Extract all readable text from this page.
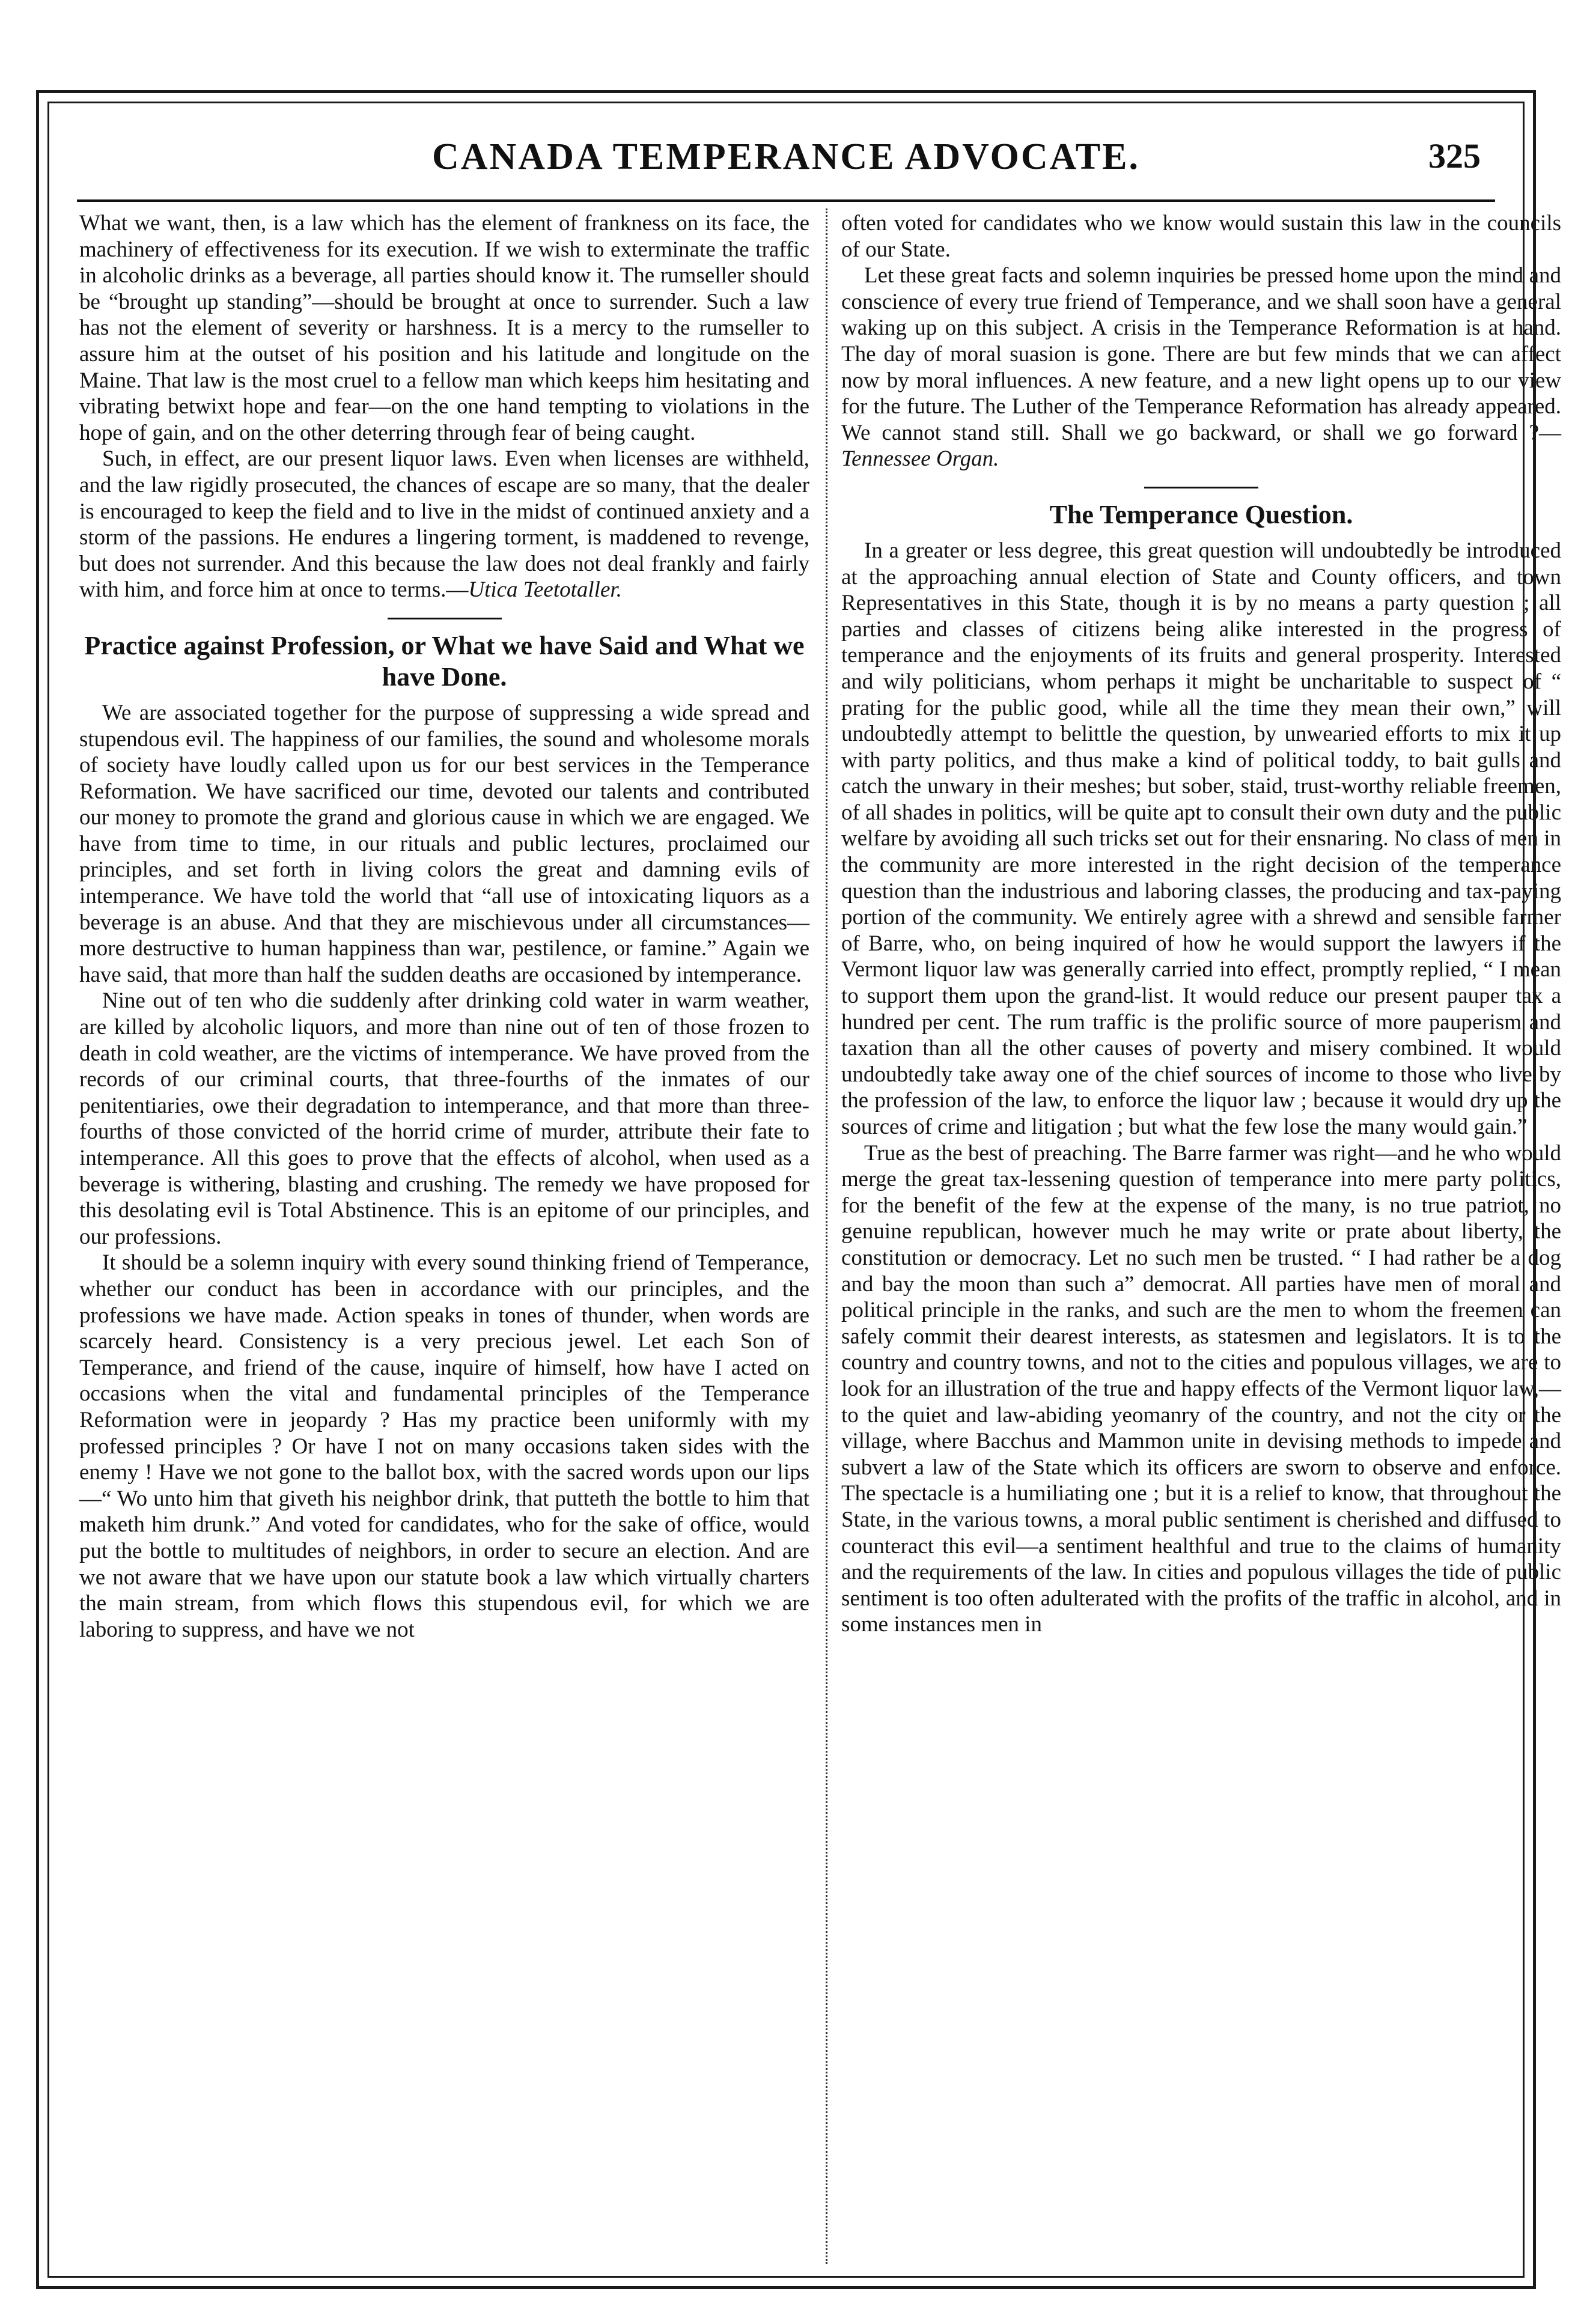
CANADA TEMPERANCE ADVOCATE.	325

What we want, then, is a law which has the element of frankness on its face, the machinery of effectiveness for its execution. If we wish to exterminate the traffic in alcoholic drinks as a beverage, all parties should know it. The rumseller should be “brought up standing”—should be brought at once to surrender. Such a law has not the element of severity or harshness. It is a mercy to the rumseller to assure him at the outset of his position and his latitude and longitude on the Maine. That law is the most cruel to a fellow man which keeps him hesitating and vibrating betwixt hope and fear—on the one hand tempting to violations in the hope of gain, and on the other deterring through fear of being caught.

Such, in effect, are our present liquor laws. Even when licenses are withheld, and the law rigidly prosecuted, the chances of escape are so many, that the dealer is encouraged to keep the field and to live in the midst of continued anxiety and a storm of the passions. He endures a lingering torment, is maddened to revenge, but does not surrender. And this because the law does not deal frankly and fairly with him, and force him at once to terms.—Utica Teetotaller.

Practice against Profession, or What we have Said and What we have Done.

We are associated together for the purpose of suppressing a wide spread and stupendous evil. The happiness of our families, the sound and wholesome morals of society have loudly called upon us for our best services in the Temperance Reformation. We have sacrificed our time, devoted our talents and contributed our money to promote the grand and glorious cause in which we are engaged. We have from time to time, in our rituals and public lectures, proclaimed our principles, and set forth in living colors the great and damning evils of intemperance. We have told the world that “all use of intoxicating liquors as a beverage is an abuse. And that they are mischievous under all circumstances—more destructive to human happiness than war, pestilence, or famine.” Again we have said, that more than half the sudden deaths are occasioned by intemperance.

Nine out of ten who die suddenly after drinking cold water in warm weather, are killed by alcoholic liquors, and more than nine out of ten of those frozen to death in cold weather, are the victims of intemperance. We have proved from the records of our criminal courts, that three-fourths of the inmates of our penitentiaries, owe their degradation to intemperance, and that more than three-fourths of those convicted of the horrid crime of murder, attribute their fate to intemperance. All this goes to prove that the effects of alcohol, when used as a beverage is withering, blasting and crushing. The remedy we have proposed for this desolating evil is Total Abstinence. This is an epitome of our principles, and our professions.

It should be a solemn inquiry with every sound thinking friend of Temperance, whether our conduct has been in accordance with our principles, and the professions we have made. Action speaks in tones of thunder, when words are scarcely heard. Consistency is a very precious jewel. Let each Son of Temperance, and friend of the cause, inquire of himself, how have I acted on occasions when the vital and fundamental principles of the Temperance Reformation were in jeopardy ? Has my practice been uniformly with my professed principles ? Or have I not on many occasions taken sides with the enemy ! Have we not gone to the ballot box, with the sacred words upon our lips—“ Wo unto him that giveth his neighbor drink, that putteth the bottle to him that maketh him drunk.” And voted for candidates, who for the sake of office, would put the bottle to multitudes of neighbors, in order to secure an election. And are we not aware that we have upon our statute book a law which virtually charters the main stream, from which flows this stupendous evil, for which we are laboring to suppress, and have we not

often voted for candidates who we know would sustain this law in the councils of our State.

Let these great facts and solemn inquiries be pressed home upon the mind and conscience of every true friend of Temperance, and we shall soon have a general waking up on this subject. A crisis in the Temperance Reformation is at hand. The day of moral suasion is gone. There are but few minds that we can affect now by moral influences. A new feature, and a new light opens up to our view for the future. The Luther of the Temperance Reformation has already appeared. We cannot stand still. Shall we go backward, or shall we go forward ?—Tennessee Organ.

The Temperance Question.

In a greater or less degree, this great question will undoubtedly be introduced at the approaching annual election of State and County officers, and town Representatives in this State, though it is by no means a party question ; all parties and classes of citizens being alike interested in the progress of temperance and the enjoyments of its fruits and general prosperity. Interested and wily politicians, whom perhaps it might be uncharitable to suspect of “ prating for the public good, while all the time they mean their own,” will undoubtedly attempt to belittle the question, by unwearied efforts to mix it up with party politics, and thus make a kind of political toddy, to bait gulls and catch the unwary in their meshes; but sober, staid, trust-worthy reliable freemen, of all shades in politics, will be quite apt to consult their own duty and the public welfare by avoiding all such tricks set out for their ensnaring. No class of men in the community are more interested in the right decision of the temperance question than the industrious and laboring classes, the producing and tax-paying portion of the community. We entirely agree with a shrewd and sensible farmer of Barre, who, on being inquired of how he would support the lawyers if the Vermont liquor law was generally carried into effect, promptly replied, “ I mean to support them upon the grand-list. It would reduce our present pauper tax a hundred per cent. The rum traffic is the prolific source of more pauperism and taxation than all the other causes of poverty and misery combined. It would undoubtedly take away one of the chief sources of income to those who live by the profession of the law, to enforce the liquor law ; because it would dry up the sources of crime and litigation ; but what the few lose the many would gain.”

True as the best of preaching. The Barre farmer was right—and he who would merge the great tax-lessening question of temperance into mere party politics, for the benefit of the few at the expense of the many, is no true patriot, no genuine republican, however much he may write or prate about liberty, the constitution or democracy. Let no such men be trusted. “ I had rather be a dog and bay the moon than such a” democrat. All parties have men of moral and political principle in the ranks, and such are the men to whom the freemen can safely commit their dearest interests, as statesmen and legislators. It is to the country and country towns, and not to the cities and populous villages, we are to look for an illustration of the true and happy effects of the Vermont liquor law,—to the quiet and law-abiding yeomanry of the country, and not the city or the village, where Bacchus and Mammon unite in devising methods to impede and subvert a law of the State which its officers are sworn to observe and enforce. The spectacle is a humiliating one ; but it is a relief to know, that throughout the State, in the various towns, a moral public sentiment is cherished and diffused to counteract this evil—a sentiment healthful and true to the claims of humanity and the requirements of the law. In cities and populous villages the tide of public sentiment is too often adulterated with the profits of the traffic in alcohol, and in some instances men in
